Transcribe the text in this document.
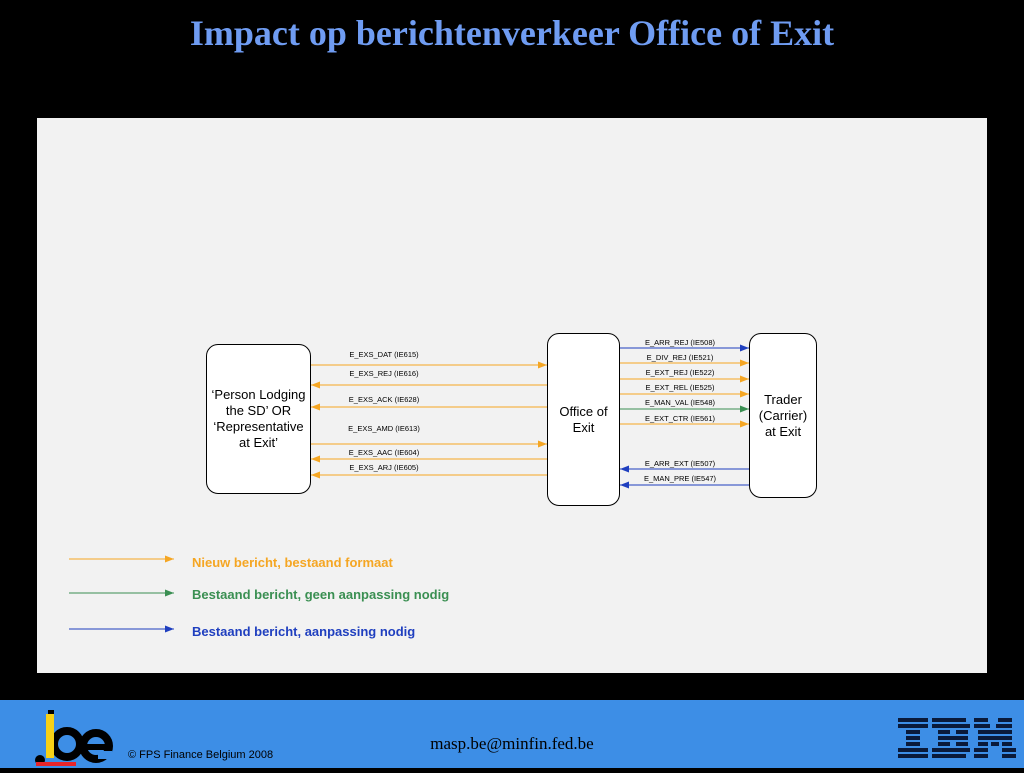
Impact op berichtenverkeer Office of Exit
E_EXS_DAT (IE615)
E_EXS_REJ (IE616)
E_EXS_ACK (IE628)
E_EXS_AMD (IE613)
E_EXS_AAC (IE604)
E_EXS_ARJ (IE605)
E_ARR_REJ (IE508)
E_DIV_REJ (IE521)
E_EXT_REJ (IE522)
E_EXT_REL (IE525)
E_MAN_VAL (IE548)
E_EXT_CTR (IE561)
E_ARR_EXT (IE507)
E_MAN_PRE (IE547)
‘Person Lodging the SD’ OR ‘Representative at Exit’
Office of Exit
Trader (Carrier) at Exit
Nieuw bericht, bestaand formaat
Bestaand bericht, geen aanpassing nodig
Bestaand bericht, aanpassing nodig
© FPS Finance Belgium 2008
masp.be@minfin.fed.be
